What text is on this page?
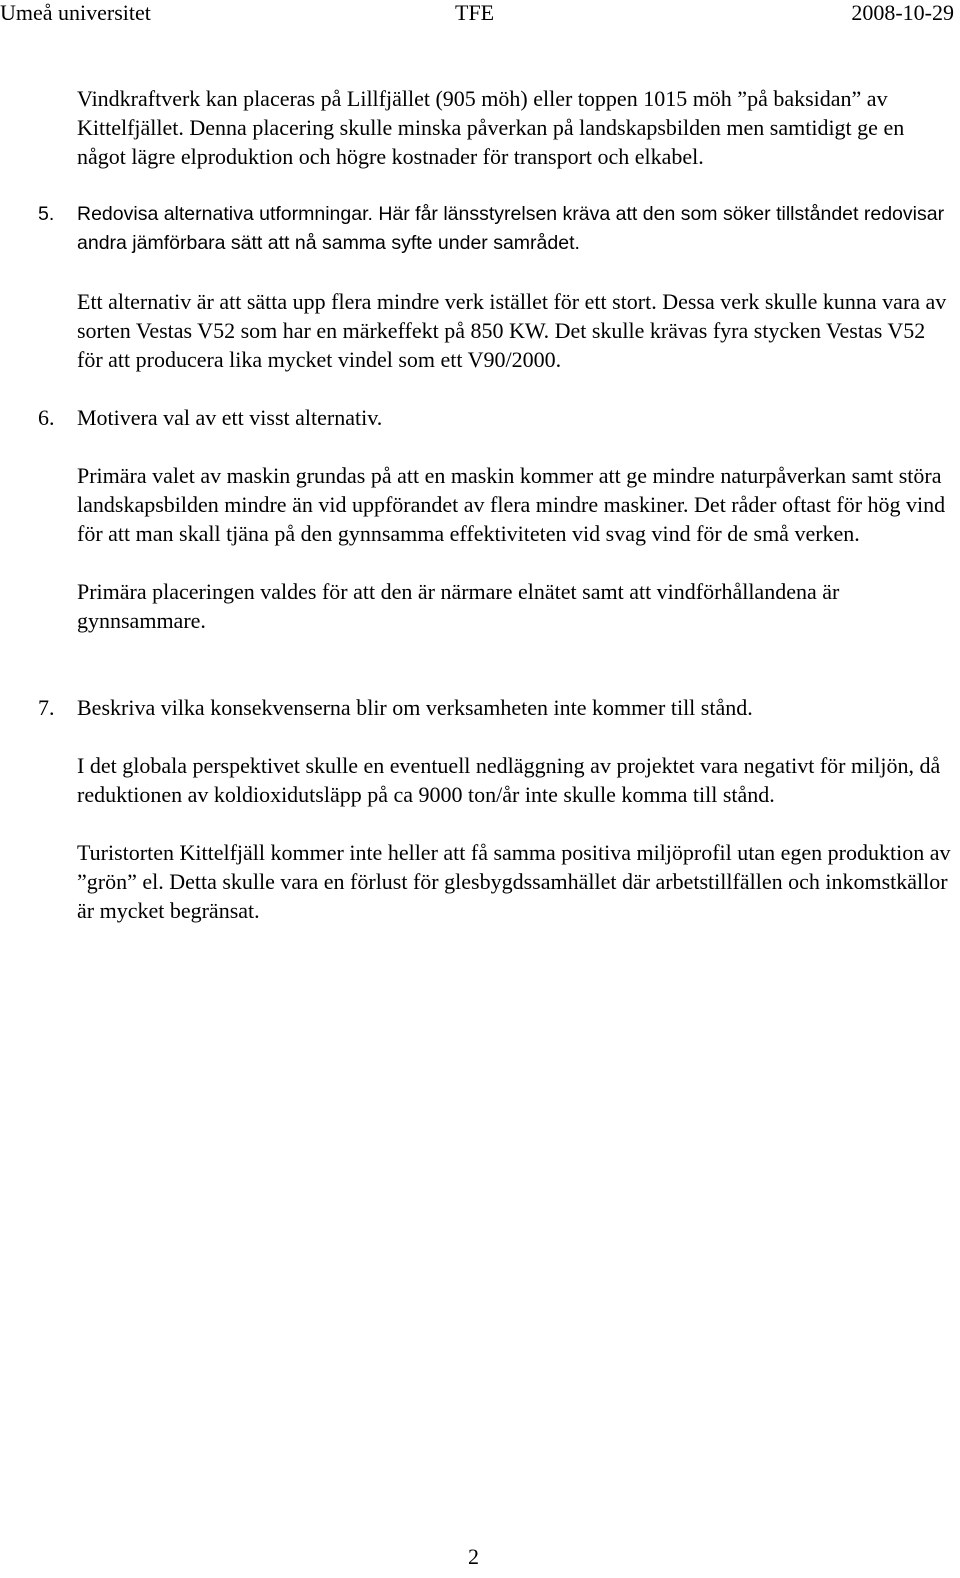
Umeå universitet	TFE	2008-10-29

Vindkraftverk kan placeras på Lillfjället (905 möh) eller toppen 1015 möh ”på baksidan” av Kittelfjället. Denna placering skulle minska påverkan på landskapsbilden men samtidigt ge en något lägre elproduktion och högre kostnader för transport och elkabel.

5. Redovisa alternativa utformningar. Här får länsstyrelsen kräva att den som söker tillståndet redovisar andra jämförbara sätt att nå samma syfte under samrådet.

Ett alternativ är att sätta upp flera mindre verk istället för ett stort. Dessa verk skulle kunna vara av sorten Vestas V52 som har en märkeffekt på 850 KW. Det skulle krävas fyra stycken Vestas V52 för att producera lika mycket vindel som ett V90/2000.

6. Motivera val av ett visst alternativ.

Primära valet av maskin grundas på att en maskin kommer att ge mindre naturpåverkan samt störa landskapsbilden mindre än vid uppförandet av flera mindre maskiner. Det råder oftast för hög vind för att man skall tjäna på den gynnsamma effektiviteten vid svag vind för de små verken.

Primära placeringen valdes för att den är närmare elnätet samt att vindförhållandena är gynnsammare.

7. Beskriva vilka konsekvenserna blir om verksamheten inte kommer till stånd.

I det globala perspektivet skulle en eventuell nedläggning av projektet vara negativt för miljön, då reduktionen av koldioxidutsläpp på ca 9000 ton/år inte skulle komma till stånd.

Turistorten Kittelfjäll kommer inte heller att få samma positiva miljöprofil utan egen produktion av ”grön” el. Detta skulle vara en förlust för glesbygdssamhället där arbetstillfällen och inkomstkällor är mycket begränsat.

2
